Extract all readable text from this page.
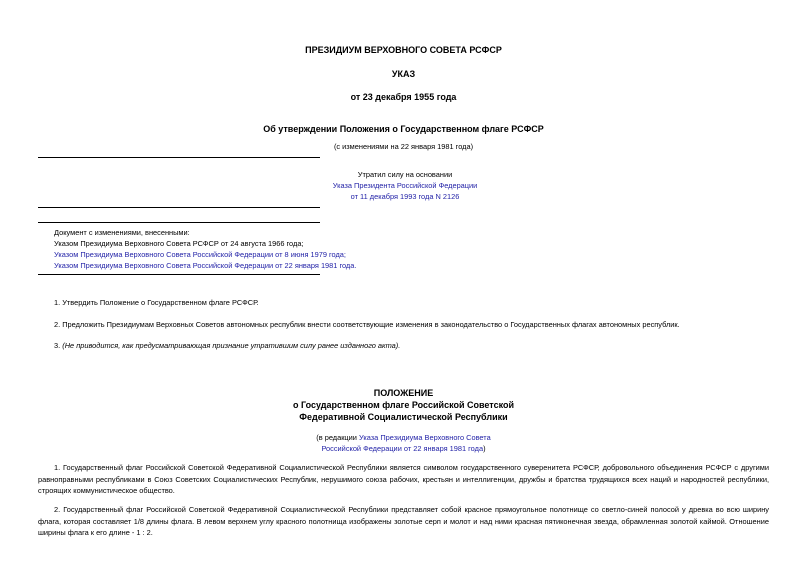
ПРЕЗИДИУМ ВЕРХОВНОГО СОВЕТА РСФСР
УКАЗ
от 23 декабря 1955 года
Об утверждении Положения о Государственном флаге РСФСР
(с изменениями на 22 января 1981 года)
Утратил силу на основании
Указа Президента Российской Федерации
от 11 декабря 1993 года N 2126
Документ с изменениями, внесенными:
Указом Президиума Верховного Совета РСФСР от 24 августа 1966 года;
Указом Президиума Верховного Совета Российской Федерации от 8 июня 1979 года;
Указом Президиума Верховного Совета Российской Федерации от 22 января 1981 года.
1. Утвердить Положение о Государственном флаге РСФСР.
2. Предложить Президиумам Верховных Советов автономных республик внести соответствующие изменения в законодательство о Государственных флагах автономных республик.
3. (Не приводится, как предусматривающая признание утратившим силу ранее изданного акта).
ПОЛОЖЕНИЕ
о Государственном флаге Российской Советской
Федеративной Социалистической Республики
(в редакции Указа Президиума Верховного Совета
Российской Федерации от 22 января 1981 года)
1. Государственный флаг Российской Советской Федеративной Социалистической Республики является символом государственного суверенитета РСФСР, добровольного объединения РСФСР с другими равноправными республиками в Союз Советских Социалистических Республик, нерушимого союза рабочих, крестьян и интеллигенции, дружбы и братства трудящихся всех наций и народностей республики, строящих коммунистическое общество.
2. Государственный флаг Российской Советской Федеративной Социалистической Республики представляет собой красное прямоугольное полотнище со светло-синей полосой у древка во всю ширину флага, которая составляет 1/8 длины флага. В левом верхнем углу красного полотнища изображены золотые серп и молот и над ними красная пятиконечная звезда, обрамленная золотой каймой. Отношение ширины флага к его длине - 1 : 2.
